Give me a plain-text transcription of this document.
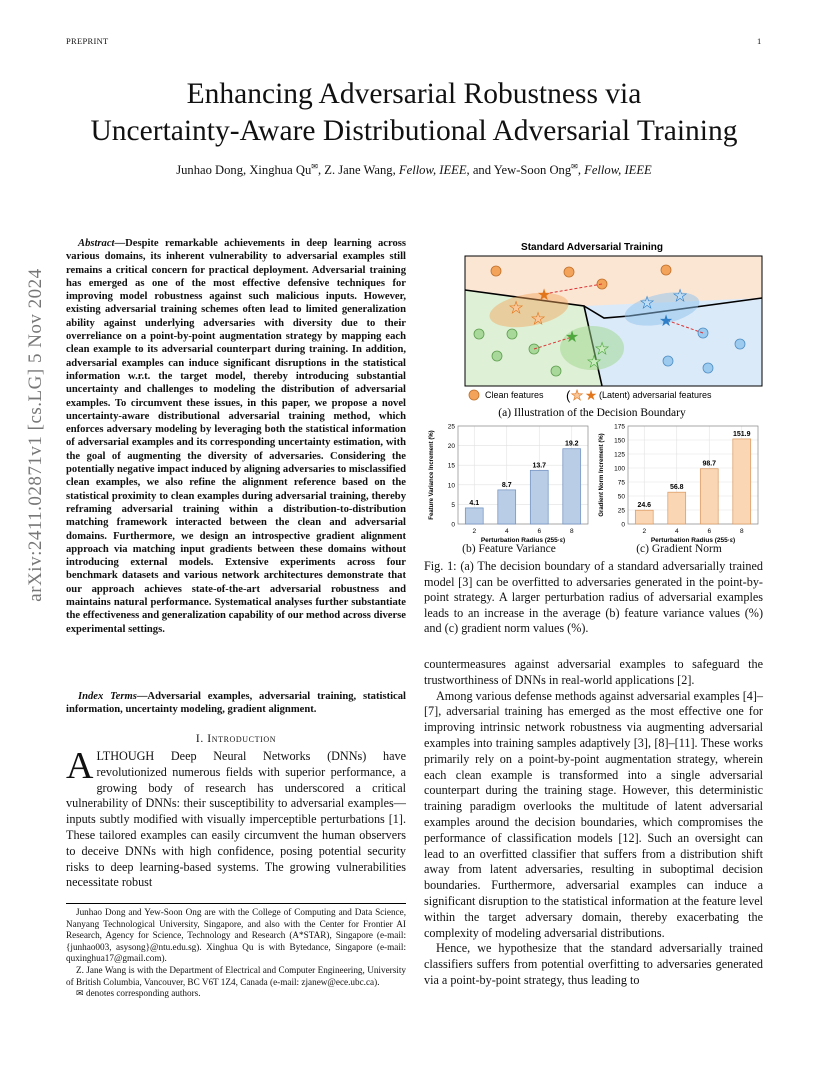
PREPRINT	1
Enhancing Adversarial Robustness via
Uncertainty-Aware Distributional Adversarial Training
Junhao Dong, Xinghua Qu✉, Z. Jane Wang, Fellow, IEEE, and Yew-Soon Ong✉, Fellow, IEEE
arXiv:2411.02871v1 [cs.LG] 5 Nov 2024
Abstract—Despite remarkable achievements in deep learning across various domains, its inherent vulnerability to adversarial examples still remains a critical concern for practical deployment. Adversarial training has emerged as one of the most effective defensive techniques for improving model robustness against such malicious inputs. However, existing adversarial training schemes often lead to limited generalization ability against underlying adversaries with diversity due to their overreliance on a point-by-point augmentation strategy by mapping each clean example to its adversarial counterpart during training. In addition, adversarial examples can induce significant disruptions in the statistical information w.r.t. the target model, thereby introducing substantial uncertainty and challenges to modeling the distribution of adversarial examples. To circumvent these issues, in this paper, we propose a novel uncertainty-aware distributional adversarial training method, which enforces adversary modeling by leveraging both the statistical information of adversarial examples and its corresponding uncertainty estimation, with the goal of augmenting the diversity of adversaries. Considering the potentially negative impact induced by aligning adversaries to misclassified clean examples, we also refine the alignment reference based on the statistical proximity to clean examples during adversarial training, thereby reframing adversarial training within a distribution-to-distribution matching framework interacted between the clean and adversarial domains. Furthermore, we design an introspective gradient alignment approach via matching input gradients between these domains without introducing external models. Extensive experiments across four benchmark datasets and various network architectures demonstrate that our approach achieves state-of-the-art adversarial robustness and maintains natural performance. Systematical analyses further substantiate the effectiveness and generalization capability of our method across diverse experimental settings.
Index Terms—Adversarial examples, adversarial training, statistical information, uncertainty modeling, gradient alignment.
I. Introduction
ALTHOUGH Deep Neural Networks (DNNs) have revolutionized numerous fields with superior performance, a growing body of research has underscored a critical vulnerability of DNNs: their susceptibility to adversarial examples—inputs subtly modified with visually imperceptible perturbations [1]. These tailored examples can easily circumvent the human observers to deceive DNNs with high confidence, posing potential security risks to deep learning-based systems. The growing vulnerabilities necessitate robust

Junhao Dong and Yew-Soon Ong are with the College of Computing and Data Science, Nanyang Technological University, Singapore, and also with the Center for Frontier AI Research, Agency for Science, Technology and Research (A*STAR), Singapore (e-mail: {junhao003, asysong}@ntu.edu.sg). Xinghua Qu is with Bytedance, Singapore (e-mail: quxinghua17@gmail.com).

Z. Jane Wang is with the Department of Electrical and Computer Engineering, University of British Columbia, Vancouver, BC V6T 1Z4, Canada (e-mail: zjanew@ece.ubc.ca).

✉ denotes corresponding authors.

Standard Adversarial Training
★
★
★
★
★
★
★
★ ★
Clean features ( ★ ★ (Latent) adversarial features
(a) Illustration of the Decision Boundary
0
5
10
15
20
25
4.1
2
8.7
4
13.7
6
19.2
8
Perturbation Radius (255·ε)
Feature Variance Increment (%)
0
25
50
75
100
125
150
175
24.6
2
56.8
4
98.7
6
151.9
8
Perturbation Radius (255·ε)
Gradient Norm Increment (%)
(b) Feature Variance	(c) Gradient Norm
Fig. 1: (a) The decision boundary of a standard adversarially trained model [3] can be overfitted to adversaries generated in the point-by-point strategy. A larger perturbation radius of adversarial examples leads to an increase in the average (b) feature variance values (%) and (c) gradient norm values (%).

countermeasures against adversarial examples to safeguard the trustworthiness of DNNs in real-world applications [2].

Among various defense methods against adversarial examples [4]–[7], adversarial training has emerged as the most effective one for improving intrinsic network robustness via augmenting adversarial examples into training samples adaptively [3], [8]–[11]. These works primarily rely on a point-by-point augmentation strategy, wherein each clean example is transformed into a single adversarial counterpart during the training stage. However, this deterministic training paradigm overlooks the multitude of latent adversarial examples around the decision boundaries, which compromises the performance of classification models [12]. Such an oversight can lead to an overfitted classifier that suffers from a distribution shift away from latent adversaries, resulting in suboptimal decision boundaries. Furthermore, adversarial examples can induce a significant disruption to the statistical information at the feature level within the target adversary domain, thereby exacerbating the complexity of modeling adversarial distributions.

Hence, we hypothesize that the standard adversarially trained classifiers suffers from potential overfitting to adversaries generated via a point-by-point strategy, thus leading to
